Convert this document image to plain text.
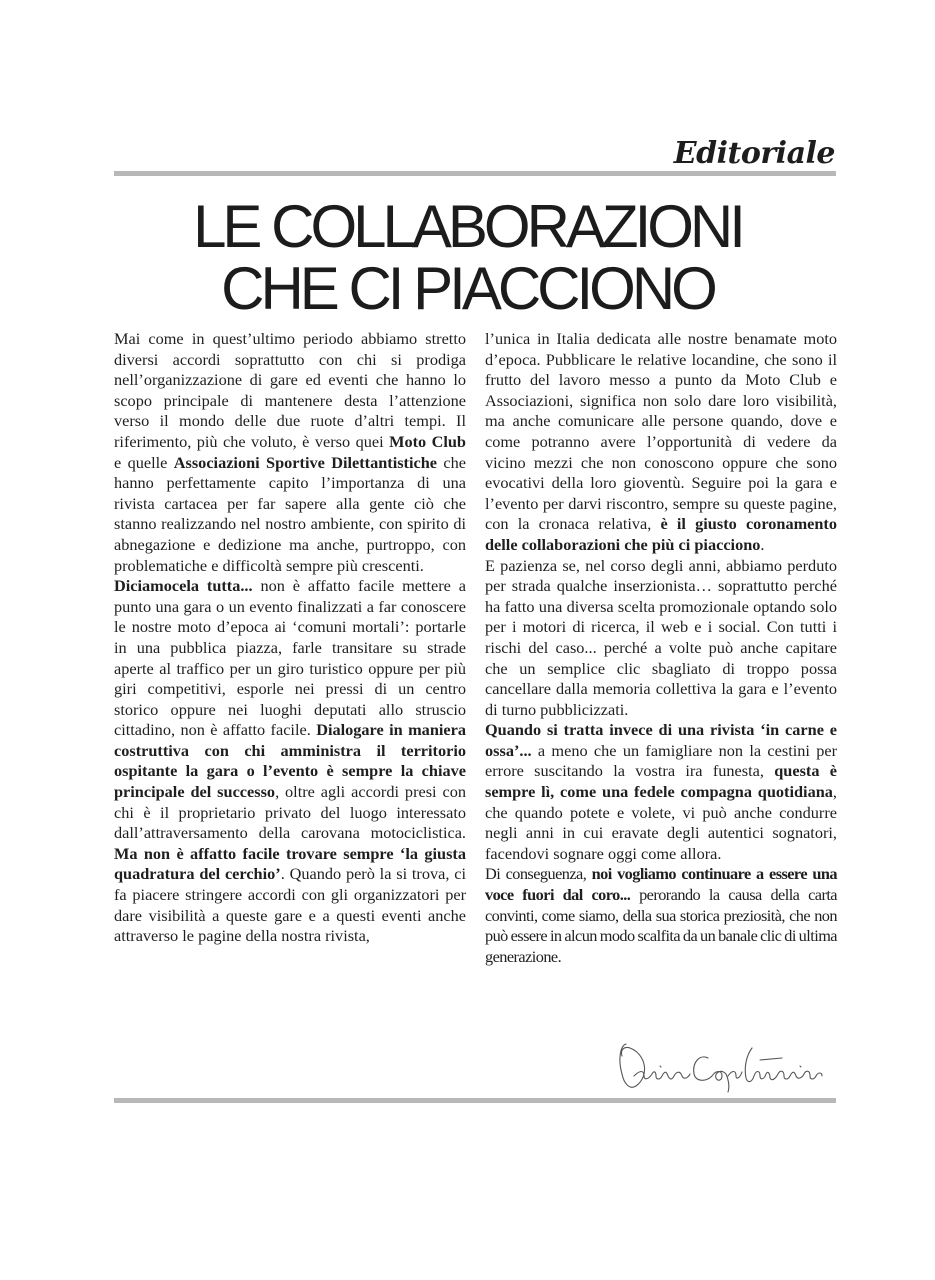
Editoriale
LE COLLABORAZIONI
CHE CI PIACCIONO

Mai come in quest’ultimo periodo abbiamo stretto diversi accordi soprattutto con chi si prodiga nell’organizzazione di gare ed eventi che hanno lo scopo principale di mantenere desta l’attenzione verso il mondo delle due ruote d’altri tempi. Il riferimento, più che voluto, è verso quei Moto Club e quelle Associazioni Sportive Dilettantistiche che hanno perfettamente capito l’importanza di una rivista cartacea per far sapere alla gente ciò che stanno realizzando nel nostro ambiente, con spirito di abnegazione e dedizione ma anche, purtroppo, con problematiche e difficoltà sempre più crescenti.

Diciamocela tutta... non è affatto facile mettere a punto una gara o un evento finalizzati a far conoscere le nostre moto d’epoca ai ‘comuni mortali’: portarle in una pubblica piazza, farle transitare su strade aperte al traffico per un giro turistico oppure per più giri competitivi, esporle nei pressi di un centro storico oppure nei luoghi deputati allo struscio cittadino, non è affatto facile. Dialogare in maniera costruttiva con chi amministra il territorio ospitante la gara o l’evento è sempre la chiave principale del successo, oltre agli accordi presi con chi è il proprietario privato del luogo interessato dall’attraversamento della carovana motociclistica. Ma non è affatto facile trovare sempre ‘la giusta quadratura del cerchio’. Quando però la si trova, ci fa piacere stringere accordi con gli organizzatori per dare visibilità a queste gare e a questi eventi anche attraverso le pagine della nostra rivista,

l’unica in Italia dedicata alle nostre benamate moto d’epoca. Pubblicare le relative locandine, che sono il frutto del lavoro messo a punto da Moto Club e Associazioni, significa non solo dare loro visibilità, ma anche comunicare alle persone quando, dove e come potranno avere l’opportunità di vedere da vicino mezzi che non conoscono oppure che sono evocativi della loro gioventù. Seguire poi la gara e l’evento per darvi riscontro, sempre su queste pagine, con la cronaca relativa, è il giusto coronamento delle collaborazioni che più ci piacciono.

E pazienza se, nel corso degli anni, abbiamo perduto per strada qualche inserzionista… soprattutto perché ha fatto una diversa scelta promozionale optando solo per i motori di ricerca, il web e i social. Con tutti i rischi del caso... perché a volte può anche capitare che un semplice clic sbagliato di troppo possa cancellare dalla memoria collettiva la gara e l’evento di turno pubblicizzati.

Quando si tratta invece di una rivista ‘in carne e ossa’... a meno che un famigliare non la cestini per errore suscitando la vostra ira funesta, questa è sempre lì, come una fedele compagna quotidiana, che quando potete e volete, vi può anche condurre negli anni in cui eravate degli autentici sognatori, facendovi sognare oggi come allora.

Di conseguenza, noi vogliamo continuare a essere una voce fuori dal coro... perorando la causa della carta convinti, come siamo, della sua storica preziosità, che non può essere in alcun modo scalfita da un banale clic di ultima generazione.
